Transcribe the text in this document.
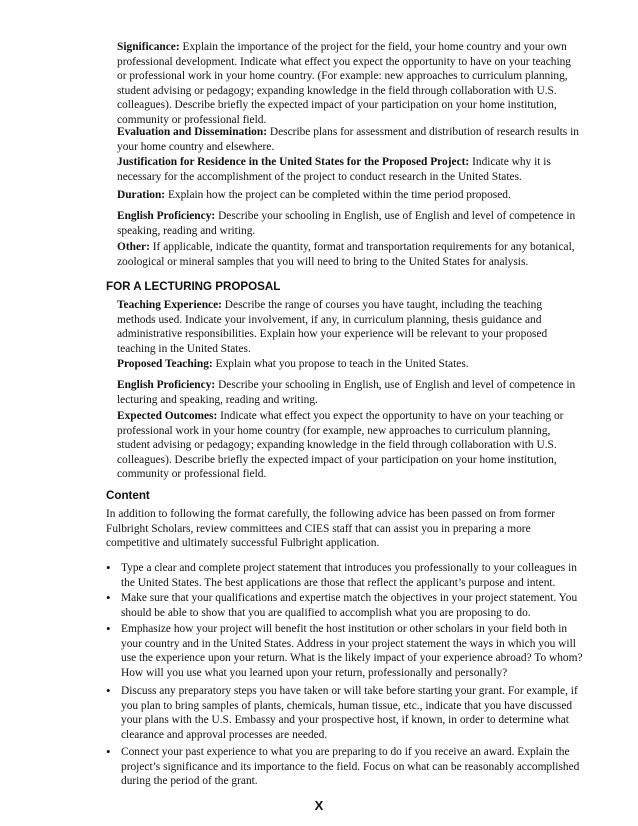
Significance: Explain the importance of the project for the field, your home country and your own professional development. Indicate what effect you expect the opportunity to have on your teaching or professional work in your home country. (For example: new approaches to curriculum planning, student advising or pedagogy; expanding knowledge in the field through collaboration with U.S. colleagues). Describe briefly the expected impact of your participation on your home institution, community or professional field.

Evaluation and Dissemination: Describe plans for assessment and distribution of research results in your home country and elsewhere.

Justification for Residence in the United States for the Proposed Project: Indicate why it is necessary for the accomplishment of the project to conduct research in the United States.

Duration: Explain how the project can be completed within the time period proposed.

English Proficiency: Describe your schooling in English, use of English and level of competence in speaking, reading and writing.

Other: If applicable, indicate the quantity, format and transportation requirements for any botanical, zoological or mineral samples that you will need to bring to the United States for analysis.

FOR A LECTURING PROPOSAL

Teaching Experience: Describe the range of courses you have taught, including the teaching methods used. Indicate your involvement, if any, in curriculum planning, thesis guidance and administrative responsibilities. Explain how your experience will be relevant to your proposed teaching in the United States.

Proposed Teaching: Explain what you propose to teach in the United States.

English Proficiency: Describe your schooling in English, use of English and level of competence in lecturing and speaking, reading and writing.

Expected Outcomes: Indicate what effect you expect the opportunity to have on your teaching or professional work in your home country (for example, new approaches to curriculum planning, student advising or pedagogy; expanding knowledge in the field through collaboration with U.S. colleagues). Describe briefly the expected impact of your participation on your home institution, community or professional field.

Content

In addition to following the format carefully, the following advice has been passed on from former Fulbright Scholars, review committees and CIES staff that can assist you in preparing a more competitive and ultimately successful Fulbright application.

• Type a clear and complete project statement that introduces you professionally to your colleagues in the United States. The best applications are those that reflect the applicant’s purpose and intent.

• Make sure that your qualifications and expertise match the objectives in your project statement. You should be able to show that you are qualified to accomplish what you are proposing to do.

• Emphasize how your project will benefit the host institution or other scholars in your field both in your country and in the United States. Address in your project statement the ways in which you will use the experience upon your return. What is the likely impact of your experience abroad? To whom? How will you use what you learned upon your return, professionally and personally?

• Discuss any preparatory steps you have taken or will take before starting your grant. For example, if you plan to bring samples of plants, chemicals, human tissue, etc., indicate that you have discussed your plans with the U.S. Embassy and your prospective host, if known, in order to determine what clearance and approval processes are needed.

• Connect your past experience to what you are preparing to do if you receive an award. Explain the project’s significance and its importance to the field. Focus on what can be reasonably accomplished during the period of the grant.

X
